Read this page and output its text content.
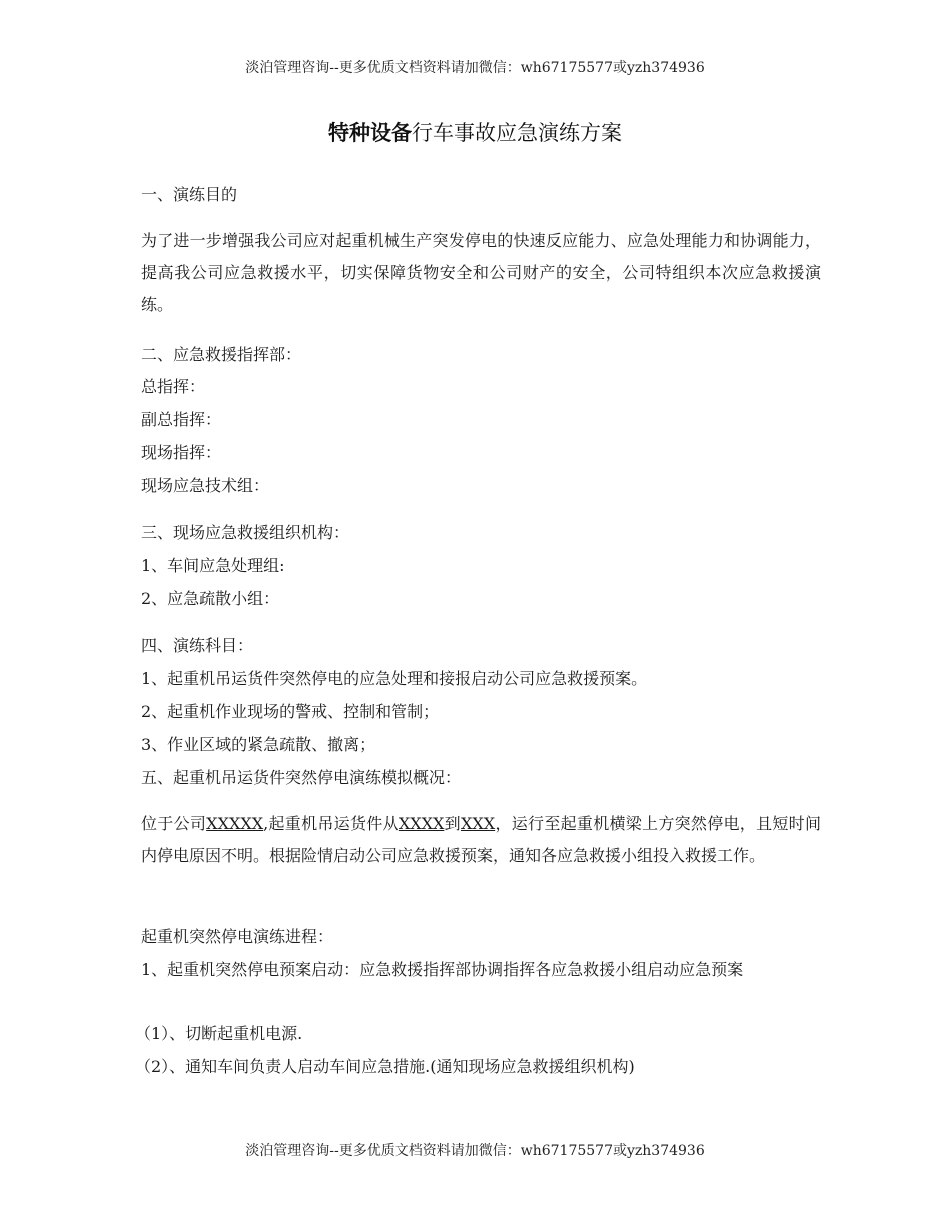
淡泊管理咨询--更多优质文档资料请加微信：wh67175577或yzh374936
特种设备行车事故应急演练方案
一、演练目的
为了进一步增强我公司应对起重机械生产突发停电的快速反应能力、应急处理能力和协调能力，提高我公司应急救援水平，切实保障货物安全和公司财产的安全，公司特组织本次应急救援演练。
二、应急救援指挥部：
总指挥：
副总指挥：
现场指挥：
现场应急技术组：
三、现场应急救援组织机构：
1、车间应急处理组:
2、应急疏散小组：
四、演练科目：
1、起重机吊运货件突然停电的应急处理和接报启动公司应急救援预案。
2、起重机作业现场的警戒、控制和管制；
3、作业区域的紧急疏散、撤离；
五、起重机吊运货件突然停电演练模拟概况：
位于公司XXXXX,起重机吊运货件从XXXX到XXX，运行至起重机横梁上方突然停电，且短时间内停电原因不明。根据险情启动公司应急救援预案，通知各应急救援小组投入救援工作。
起重机突然停电演练进程：
1、起重机突然停电预案启动：应急救援指挥部协调指挥各应急救援小组启动应急预案
（1）、切断起重机电源.
（2）、通知车间负责人启动车间应急措施.(通知现场应急救援组织机构)
淡泊管理咨询--更多优质文档资料请加微信：wh67175577或yzh374936
